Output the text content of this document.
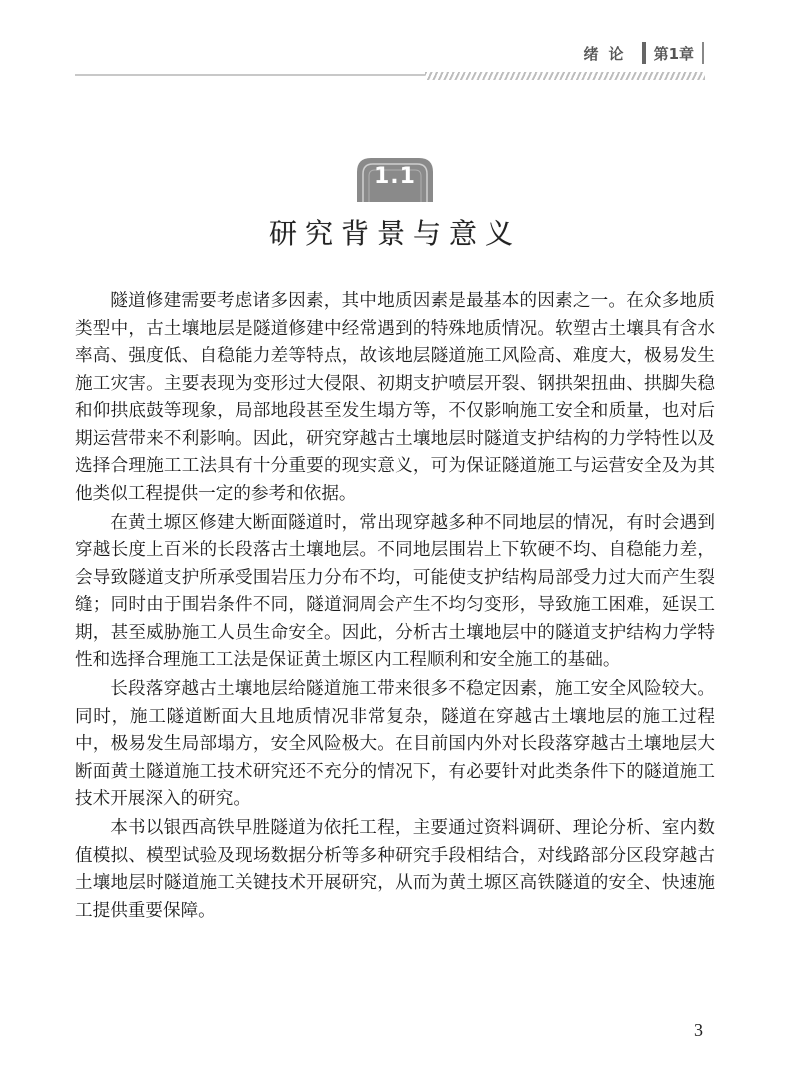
绪论 第1章
1.1
研究背景与意义

隧道修建需要考虑诸多因素，其中地质因素是最基本的因素之一。在众多地质类型中，古土壤地层是隧道修建中经常遇到的特殊地质情况。软塑古土壤具有含水率高、强度低、自稳能力差等特点，故该地层隧道施工风险高、难度大，极易发生施工灾害。主要表现为变形过大侵限、初期支护喷层开裂、钢拱架扭曲、拱脚失稳和仰拱底鼓等现象，局部地段甚至发生塌方等，不仅影响施工安全和质量，也对后期运营带来不利影响。因此，研究穿越古土壤地层时隧道支护结构的力学特性以及选择合理施工工法具有十分重要的现实意义，可为保证隧道施工与运营安全及为其他类似工程提供一定的参考和依据。

在黄土塬区修建大断面隧道时，常出现穿越多种不同地层的情况，有时会遇到穿越长度上百米的长段落古土壤地层。不同地层围岩上下软硬不均、自稳能力差，会导致隧道支护所承受围岩压力分布不均，可能使支护结构局部受力过大而产生裂缝；同时由于围岩条件不同，隧道洞周会产生不均匀变形，导致施工困难，延误工期，甚至威胁施工人员生命安全。因此，分析古土壤地层中的隧道支护结构力学特性和选择合理施工工法是保证黄土塬区内工程顺利和安全施工的基础。

长段落穿越古土壤地层给隧道施工带来很多不稳定因素，施工安全风险较大。同时，施工隧道断面大且地质情况非常复杂，隧道在穿越古土壤地层的施工过程中，极易发生局部塌方，安全风险极大。在目前国内外对长段落穿越古土壤地层大断面黄土隧道施工技术研究还不充分的情况下，有必要针对此类条件下的隧道施工技术开展深入的研究。

本书以银西高铁早胜隧道为依托工程，主要通过资料调研、理论分析、室内数值模拟、模型试验及现场数据分析等多种研究手段相结合，对线路部分区段穿越古土壤地层时隧道施工关键技术开展研究，从而为黄土塬区高铁隧道的安全、快速施工提供重要保障。

3
